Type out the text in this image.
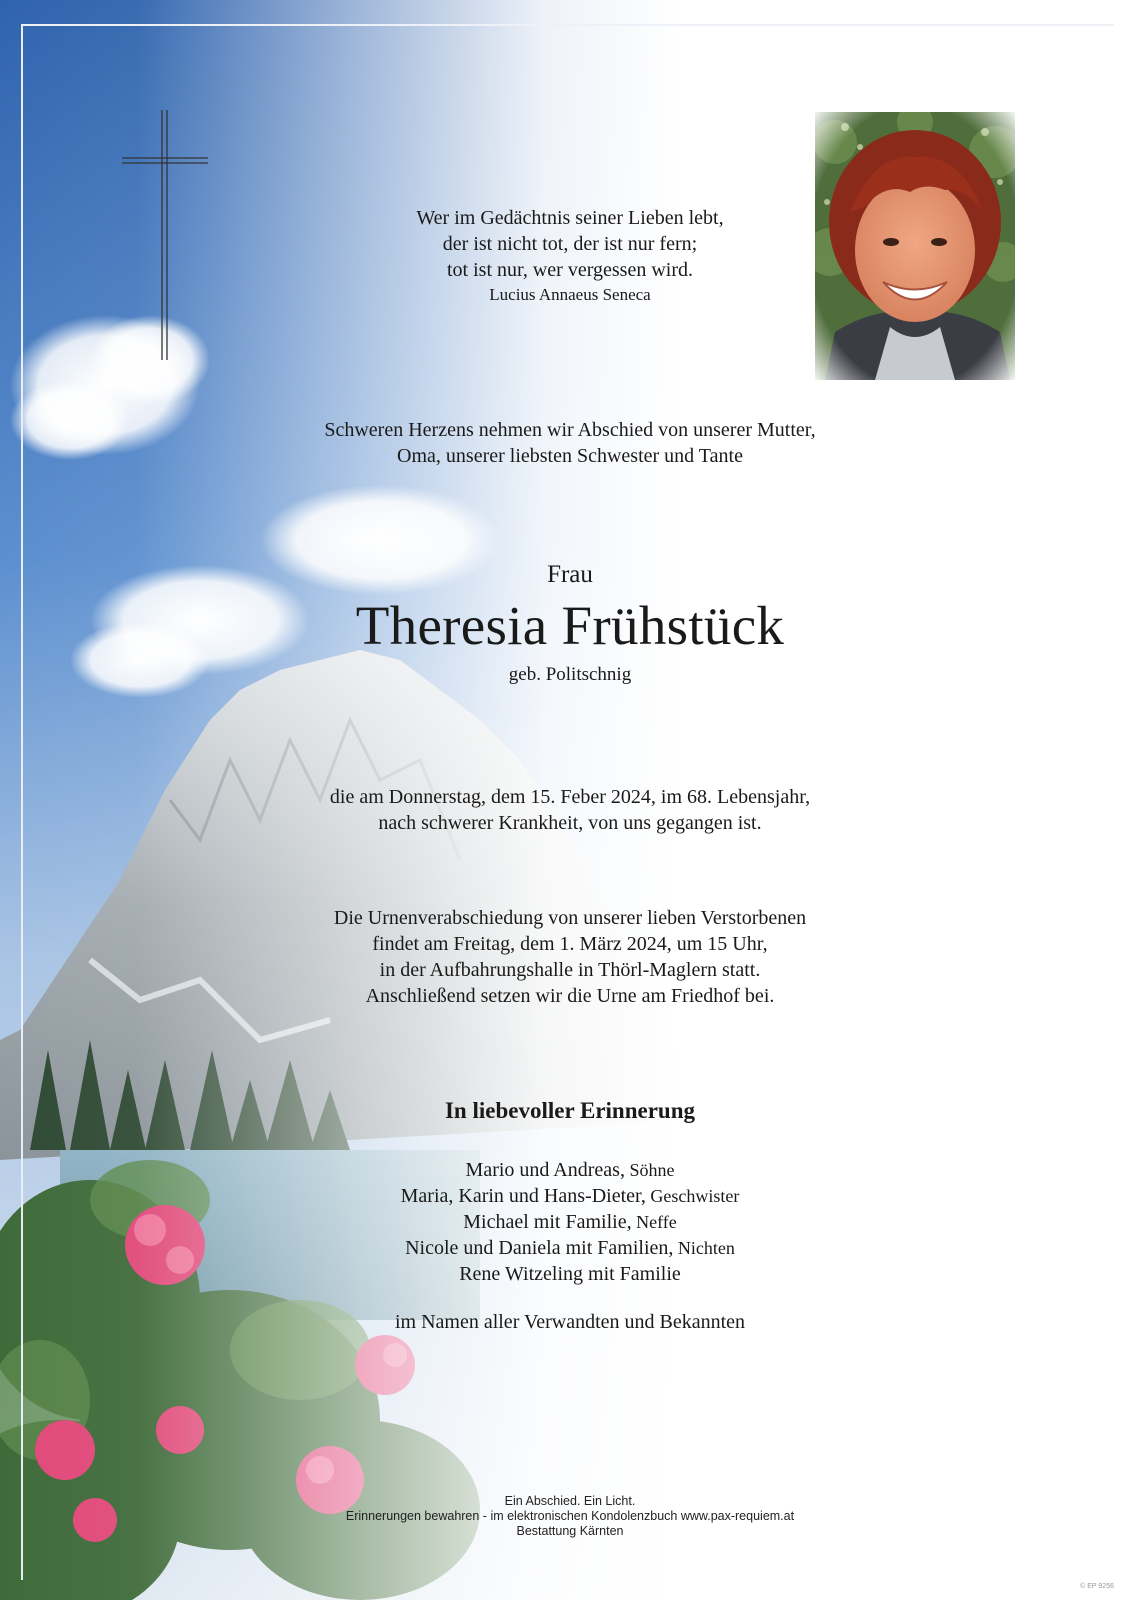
Wer im Gedächtnis seiner Lieben lebt,
der ist nicht tot, der ist nur fern;
tot ist nur, wer vergessen wird.
Lucius Annaeus Seneca
Schweren Herzens nehmen wir Abschied von unserer Mutter,
Oma, unserer liebsten Schwester und Tante
Frau
Theresia Frühstück
geb. Politschnig
die am Donnerstag, dem 15. Feber 2024, im 68. Lebensjahr,
nach schwerer Krankheit, von uns gegangen ist.
Die Urnenverabschiedung von unserer lieben Verstorbenen
findet am Freitag, dem 1. März 2024, um 15 Uhr,
in der Aufbahrungshalle in Thörl-Maglern statt.
Anschließend setzen wir die Urne am Friedhof bei.
In liebevoller Erinnerung
Mario und Andreas, Söhne
Maria, Karin und Hans-Dieter, Geschwister
Michael mit Familie, Neffe
Nicole und Daniela mit Familien, Nichten
Rene Witzeling mit Familie
im Namen aller Verwandten und Bekannten
Ein Abschied. Ein Licht.
Erinnerungen bewahren - im elektronischen Kondolenzbuch www.pax-requiem.at
Bestattung Kärnten
© EP 9256
